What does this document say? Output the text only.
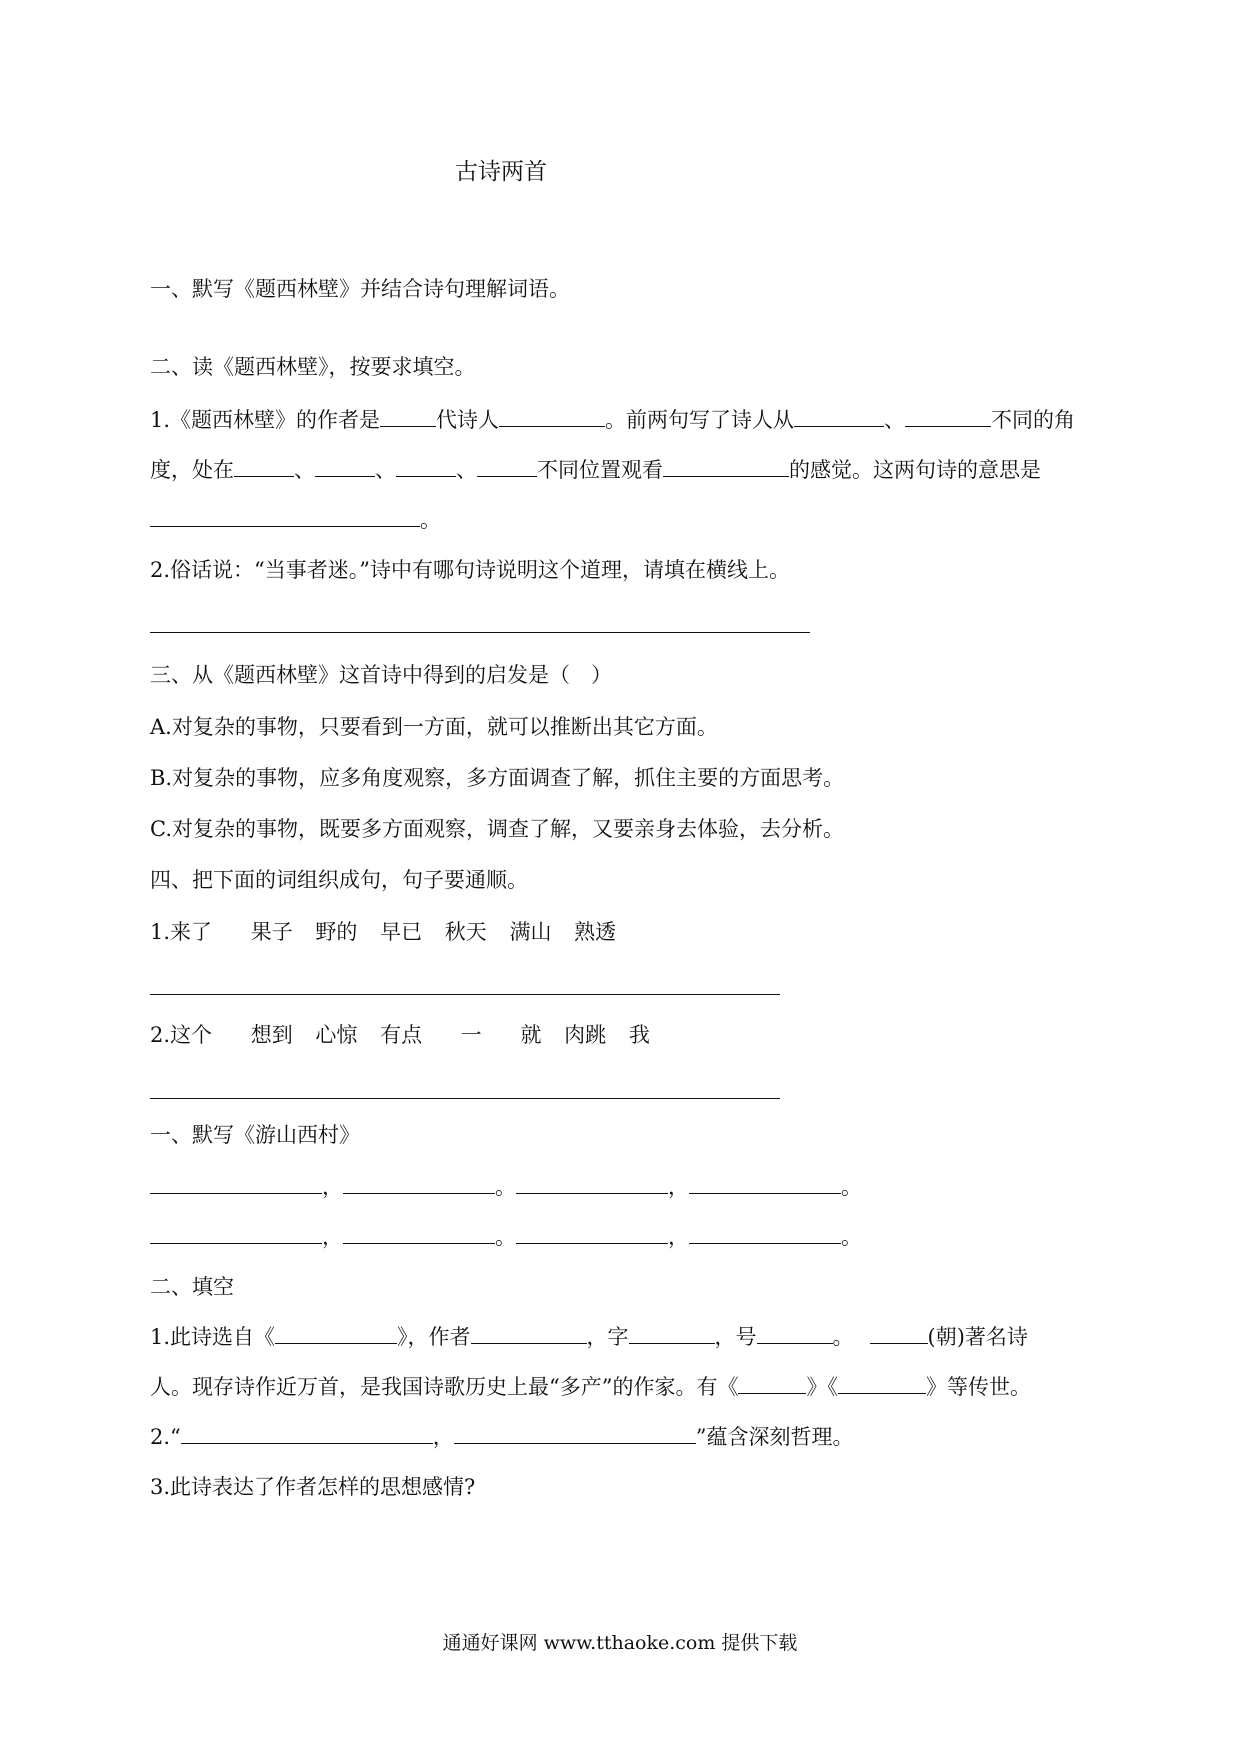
古诗两首
一、默写《题西林壁》并结合诗句理解词语。
二、读《题西林壁》，按要求填空。
1.《题西林壁》的作者是	代诗人	。前两句写了诗人从	、	不同的角
度，处在	、	、	、	不同位置观看	的感觉。这两句诗的意思是
。
2.俗话说：“当事者迷。”诗中有哪句诗说明这个道理，请填在横线上。
三、从《题西林壁》这首诗中得到的启发是（　）
A.对复杂的事物，只要看到一方面，就可以推断出其它方面。
B.对复杂的事物，应多角度观察，多方面调查了解，抓住主要的方面思考。
C.对复杂的事物，既要多方面观察，调查了解，又要亲身去体验，去分析。
四、把下面的词组织成句，句子要通顺。
1.来了 果子 野的 早已 秋天 满山 熟透
2.这个 想到 心惊 有点 一 就 肉跳 我
一、默写《游山西村》
，	。	，	。
，	。	，	。
二、填空
1.此诗选自《	》，作者	，字	，号	。	(朝)著名诗
人。现存诗作近万首，是我国诗歌历史上最“多产”的作家。有《	》《	》等传世。
2.“	，	”蕴含深刻哲理。
3.此诗表达了作者怎样的思想感情?
通通好课网 www.tthaoke.com 提供下载
